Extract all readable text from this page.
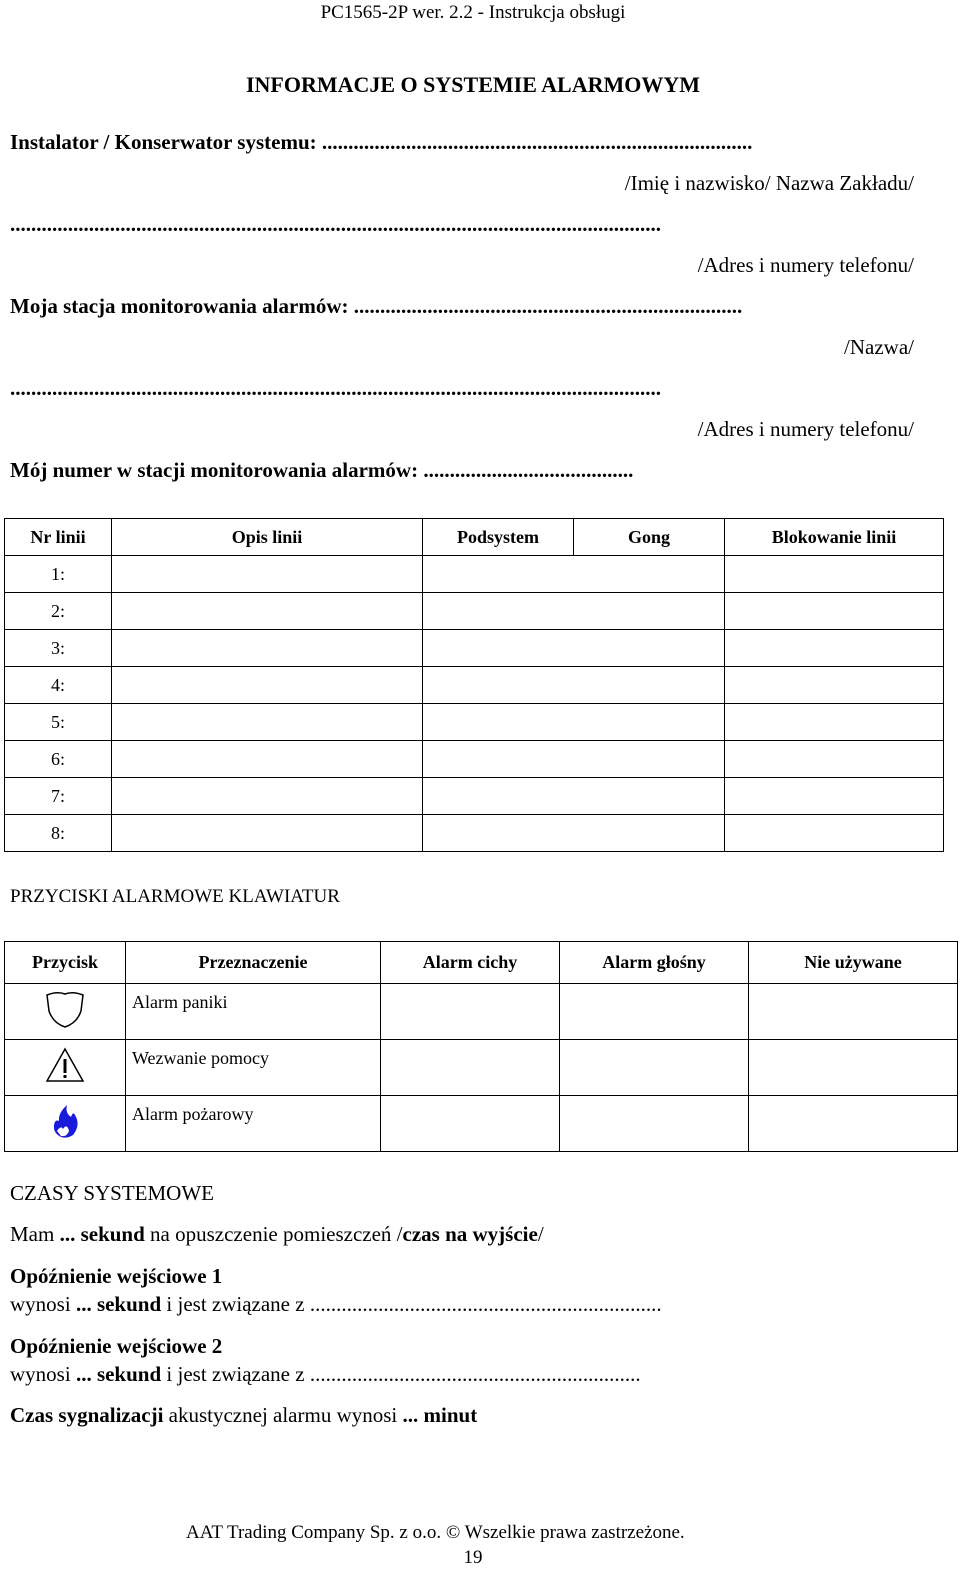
PC1565-2P wer. 2.2 - Instrukcja obsługi
INFORMACJE O SYSTEMIE ALARMOWYM
Instalator / Konserwator systemu: ..................................................................................
/Imię i nazwisko/ Nazwa Zakładu/
............................................................................................................................
/Adres i numery telefonu/
Moja stacja monitorowania alarmów: ..........................................................................
/Nazwa/
............................................................................................................................
/Adres i numery telefonu/
Mój numer w stacji monitorowania alarmów: ........................................
Nr linii	Opis linii	Podsystem	Gong	Blokowanie linii
1:				
2:				
3:				
4:				
5:				
6:				
7:				
8:				
PRZYCISKI ALARMOWE KLAWIATUR
Przycisk	Przeznaczenie	Alarm cichy	Alarm głośny	Nie używane
	Alarm paniki			
	Wezwanie pomocy			
	Alarm pożarowy			
CZASY SYSTEMOWE
Mam ... sekund na opuszczenie pomieszczeń /czas na wyjście/
Opóźnienie wejściowe 1
wynosi ... sekund i jest związane z ...................................................................
Opóźnienie wejściowe 2
wynosi ... sekund i jest związane z ...............................................................
Czas sygnalizacji akustycznej alarmu wynosi ... minut
AAT Trading Company Sp. z o.o. © Wszelkie prawa zastrzeżone.
19
